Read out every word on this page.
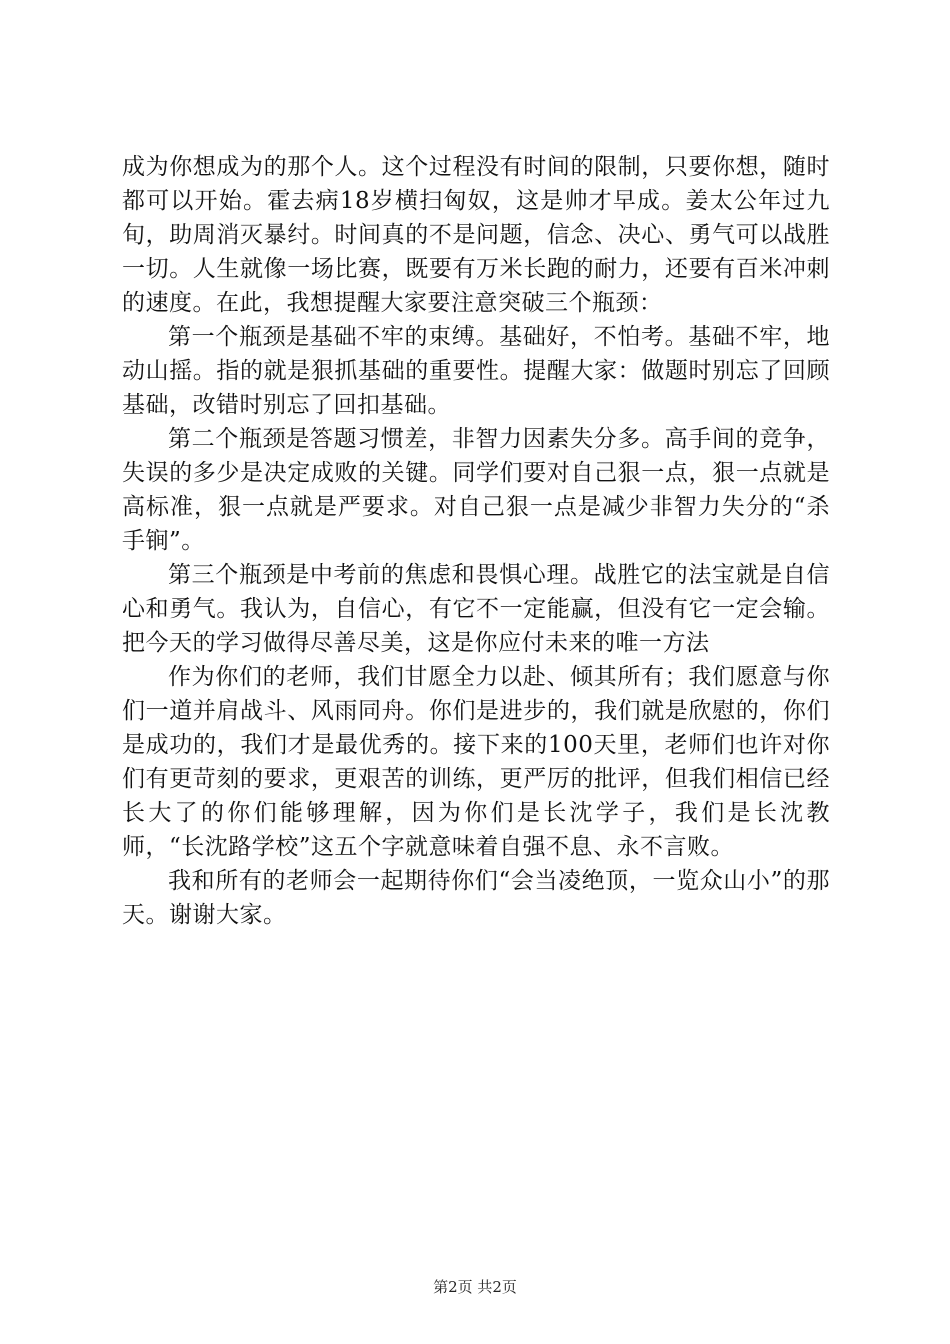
成为你想成为的那个人。这个过程没有时间的限制，只要你想，随时都可以开始。霍去病18岁横扫匈奴，这是帅才早成。姜太公年过九旬，助周消灭暴纣。时间真的不是问题，信念、决心、勇气可以战胜一切。人生就像一场比赛，既要有万米长跑的耐力，还要有百米冲刺的速度。在此，我想提醒大家要注意突破三个瓶颈：

第一个瓶颈是基础不牢的束缚。基础好，不怕考。基础不牢，地动山摇。指的就是狠抓基础的重要性。提醒大家：做题时别忘了回顾基础，改错时别忘了回扣基础。

第二个瓶颈是答题习惯差，非智力因素失分多。高手间的竞争，失误的多少是决定成败的关键。同学们要对自己狠一点，狠一点就是高标准，狠一点就是严要求。对自己狠一点是减少非智力失分的“杀手锏”。

第三个瓶颈是中考前的焦虑和畏惧心理。战胜它的法宝就是自信心和勇气。我认为，自信心，有它不一定能赢，但没有它一定会输。把今天的学习做得尽善尽美，这是你应付未来的唯一方法

作为你们的老师，我们甘愿全力以赴、倾其所有；我们愿意与你们一道并肩战斗、风雨同舟。你们是进步的，我们就是欣慰的，你们是成功的，我们才是最优秀的。接下来的100天里，老师们也许对你们有更苛刻的要求，更艰苦的训练，更严厉的批评，但我们相信已经长大了的你们能够理解，因为你们是长沈学子，我们是长沈教师，“长沈路学校”这五个字就意味着自强不息、永不言败。

我和所有的老师会一起期待你们“会当凌绝顶，一览众山小”的那天。谢谢大家。

第2页 共2页
